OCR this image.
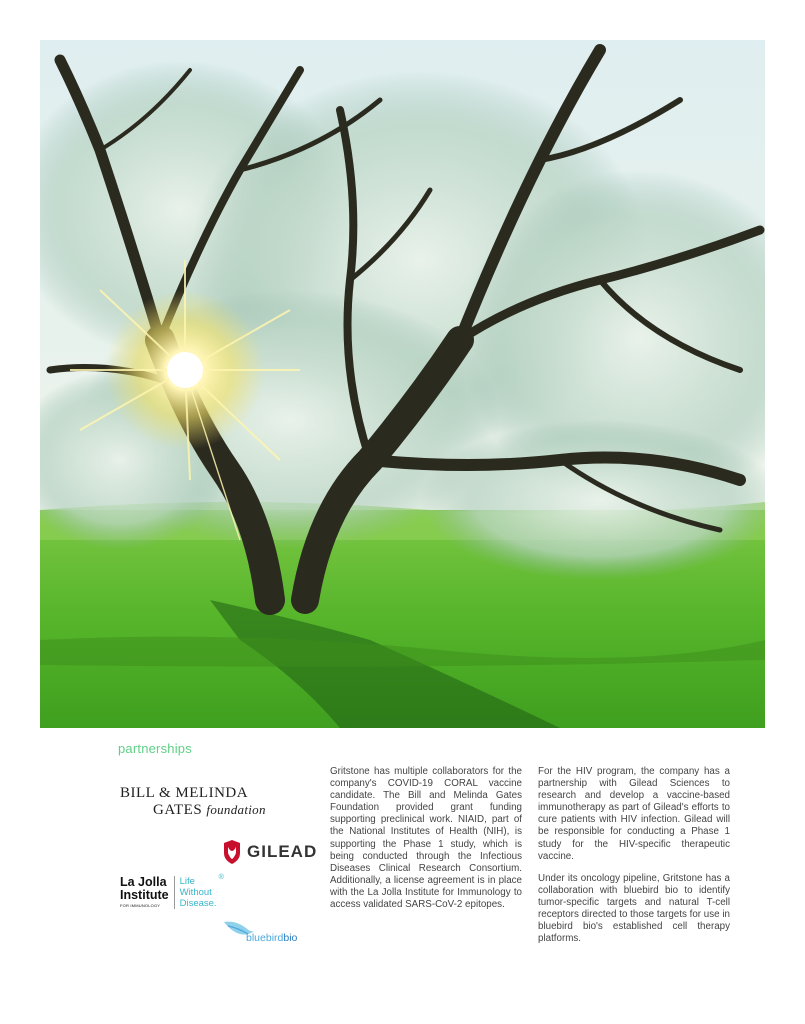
partnerships
BILL & MELINDA
GATES foundation
GILEAD
La Jolla
Institute
FOR IMMUNOLOGY
Life
Without
Disease.
®
bluebirdbio

Gritstone has multiple collaborators for the company's COVID-19 CORAL vaccine candidate. The Bill and Melinda Gates Foundation provided grant funding supporting preclinical work. NIAID, part of the National Institutes of Health (NIH), is supporting the Phase 1 study, which is being conducted through the Infectious Diseases Clinical Research Consortium. Additionally, a license agreement is in place with the La Jolla Institute for Immunology to access validated SARS-CoV-2 epitopes.

For the HIV program, the company has a partnership with Gilead Sciences to research and develop a vaccine-based immunotherapy as part of Gilead's efforts to cure patients with HIV infection. Gilead will be responsible for conducting a Phase 1 study for the HIV-specific therapeutic vaccine.

Under its oncology pipeline, Gritstone has a collaboration with bluebird bio to identify tumor-specific targets and natural T-cell receptors directed to those targets for use in bluebird bio's established cell therapy platforms.
